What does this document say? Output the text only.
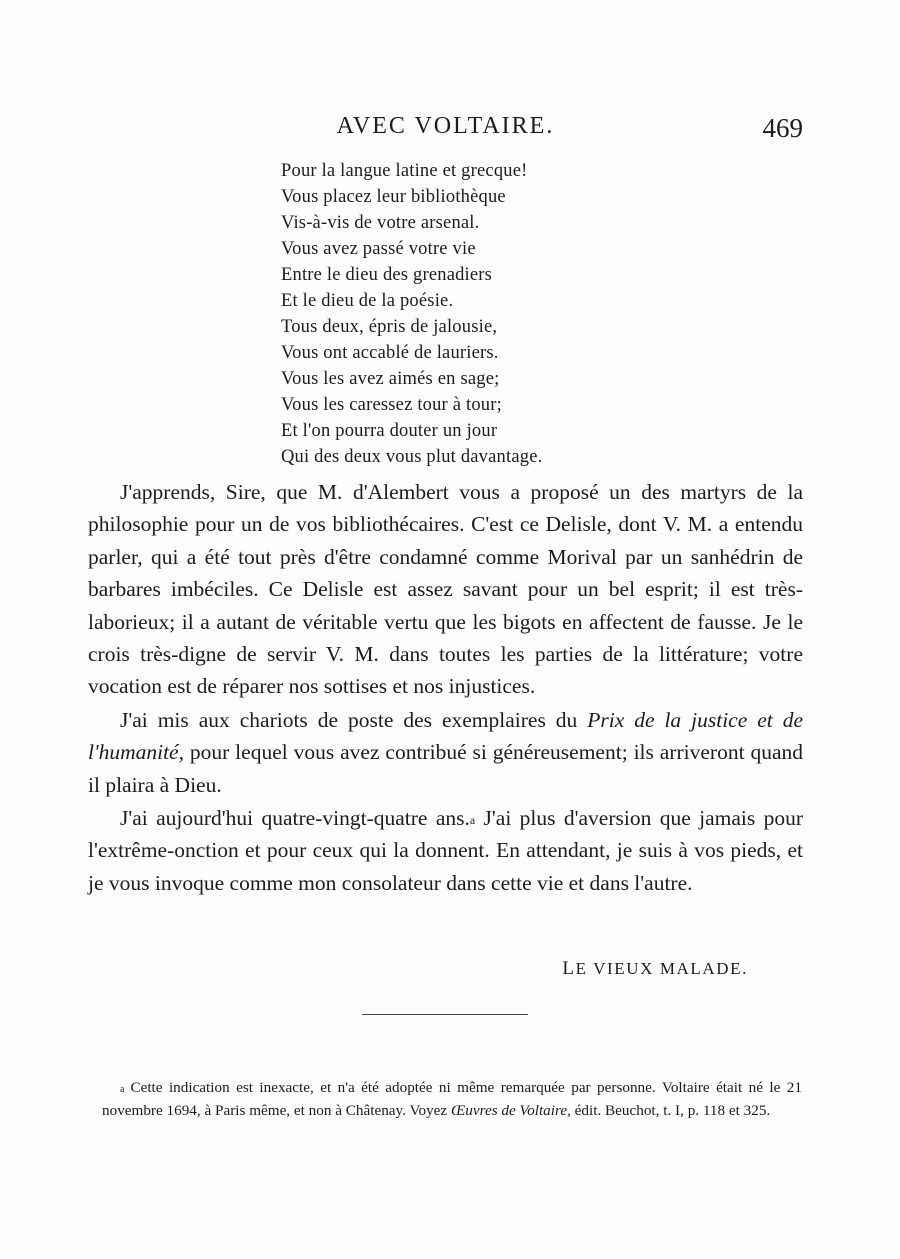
AVEC VOLTAIRE.	469
Pour la langue latine et grecque!
Vous placez leur bibliothèque
Vis-à-vis de votre arsenal.
Vous avez passé votre vie
Entre le dieu des grenadiers
Et le dieu de la poésie.
Tous deux, épris de jalousie,
Vous ont accablé de lauriers.
Vous les avez aimés en sage;
Vous les caressez tour à tour;
Et l'on pourra douter un jour
Qui des deux vous plut davantage.

J'apprends, Sire, que M. d'Alembert vous a proposé un des martyrs de la philosophie pour un de vos bibliothécaires. C'est ce Delisle, dont V. M. a entendu parler, qui a été tout près d'être condamné comme Morival par un sanhédrin de barbares imbéciles. Ce Delisle est assez savant pour un bel esprit; il est très-laborieux; il a autant de véritable vertu que les bigots en affectent de fausse. Je le crois très-digne de servir V. M. dans toutes les parties de la littérature; votre vocation est de réparer nos sottises et nos injustices.

J'ai mis aux chariots de poste des exemplaires du Prix de la justice et de l'humanité, pour lequel vous avez contribué si généreusement; ils arriveront quand il plaira à Dieu.

J'ai aujourd'hui quatre-vingt-quatre ans.$^a$ J'ai plus d'aversion que jamais pour l'extrême-onction et pour ceux qui la donnent. En attendant, je suis à vos pieds, et je vous invoque comme mon consolateur dans cette vie et dans l'autre.

LE VIEUX MALADE.
$^a$ Cette indication est inexacte, et n'a été adoptée ni même remarquée par personne. Voltaire était né le 21 novembre 1694, à Paris même, et non à Châtenay. Voyez Œuvres de Voltaire, édit. Beuchot, t. I, p. 118 et 325.
